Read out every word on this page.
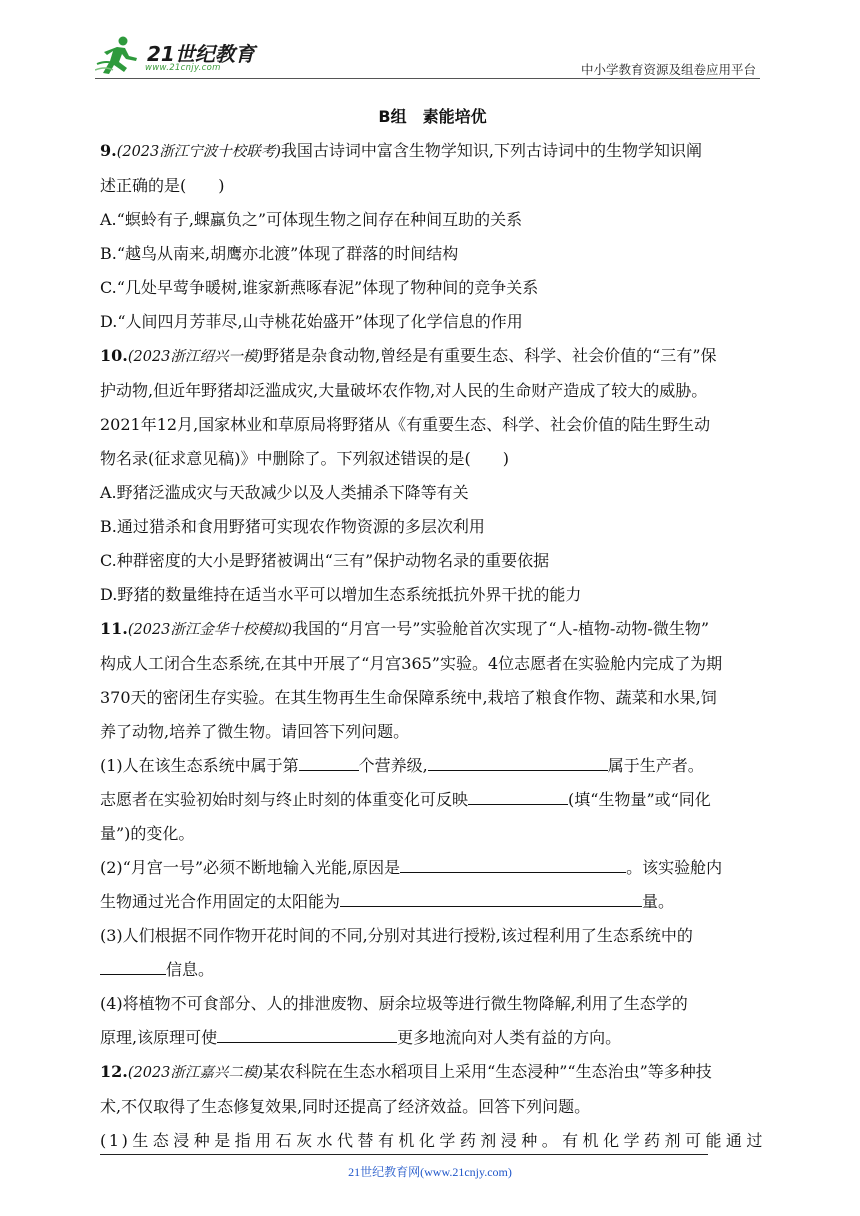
21世纪教育
www.21cnjy.com	中小学教育资源及组卷应用平台
B组　素能培优
9.(2023浙江宁波十校联考)我国古诗词中富含生物学知识,下列古诗词中的生物学知识阐
述正确的是(　　)
A.“螟蛉有子,蜾蠃负之”可体现生物之间存在种间互助的关系
B.“越鸟从南来,胡鹰亦北渡”体现了群落的时间结构
C.“几处早莺争暖树,谁家新燕啄春泥”体现了物种间的竞争关系
D.“人间四月芳菲尽,山寺桃花始盛开”体现了化学信息的作用
10.(2023浙江绍兴一模)野猪是杂食动物,曾经是有重要生态、科学、社会价值的“三有”保
护动物,但近年野猪却泛滥成灾,大量破坏农作物,对人民的生命财产造成了较大的威胁。
2021年12月,国家林业和草原局将野猪从《有重要生态、科学、社会价值的陆生野生动
物名录(征求意见稿)》中删除了。下列叙述错误的是(　　)
A.野猪泛滥成灾与天敌减少以及人类捕杀下降等有关
B.通过猎杀和食用野猪可实现农作物资源的多层次利用
C.种群密度的大小是野猪被调出“三有”保护动物名录的重要依据
D.野猪的数量维持在适当水平可以增加生态系统抵抗外界干扰的能力
11.(2023浙江金华十校模拟)我国的“月宫一号”实验舱首次实现了“人-植物-动物-微生物”
构成人工闭合生态系统,在其中开展了“月宫365”实验。4位志愿者在实验舱内完成了为期
370天的密闭生存实验。在其生物再生生命保障系统中,栽培了粮食作物、蔬菜和水果,饲
养了动物,培养了微生物。请回答下列问题。
(1)人在该生态系统中属于第	个营养级,	属于生产者。
志愿者在实验初始时刻与终止时刻的体重变化可反映	(填“生物量”或“同化
量”)的变化。
(2)“月宫一号”必须不断地输入光能,原因是	。该实验舱内
生物通过光合作用固定的太阳能为	量。
(3)人们根据不同作物开花时间的不同,分别对其进行授粉,该过程利用了生态系统中的
信息。
(4)将植物不可食部分、人的排泄废物、厨余垃圾等进行微生物降解,利用了生态学的
原理,该原理可使	更多地流向对人类有益的方向。
12.(2023浙江嘉兴二模)某农科院在生态水稻项目上采用“生态浸种”“生态治虫”等多种技
术,不仅取得了生态修复效果,同时还提高了经济效益。回答下列问题。
(1)生态浸种是指用石灰水代替有机化学药剂浸种。有机化学药剂可能通过
21世纪教育网(www.21cnjy.com)
